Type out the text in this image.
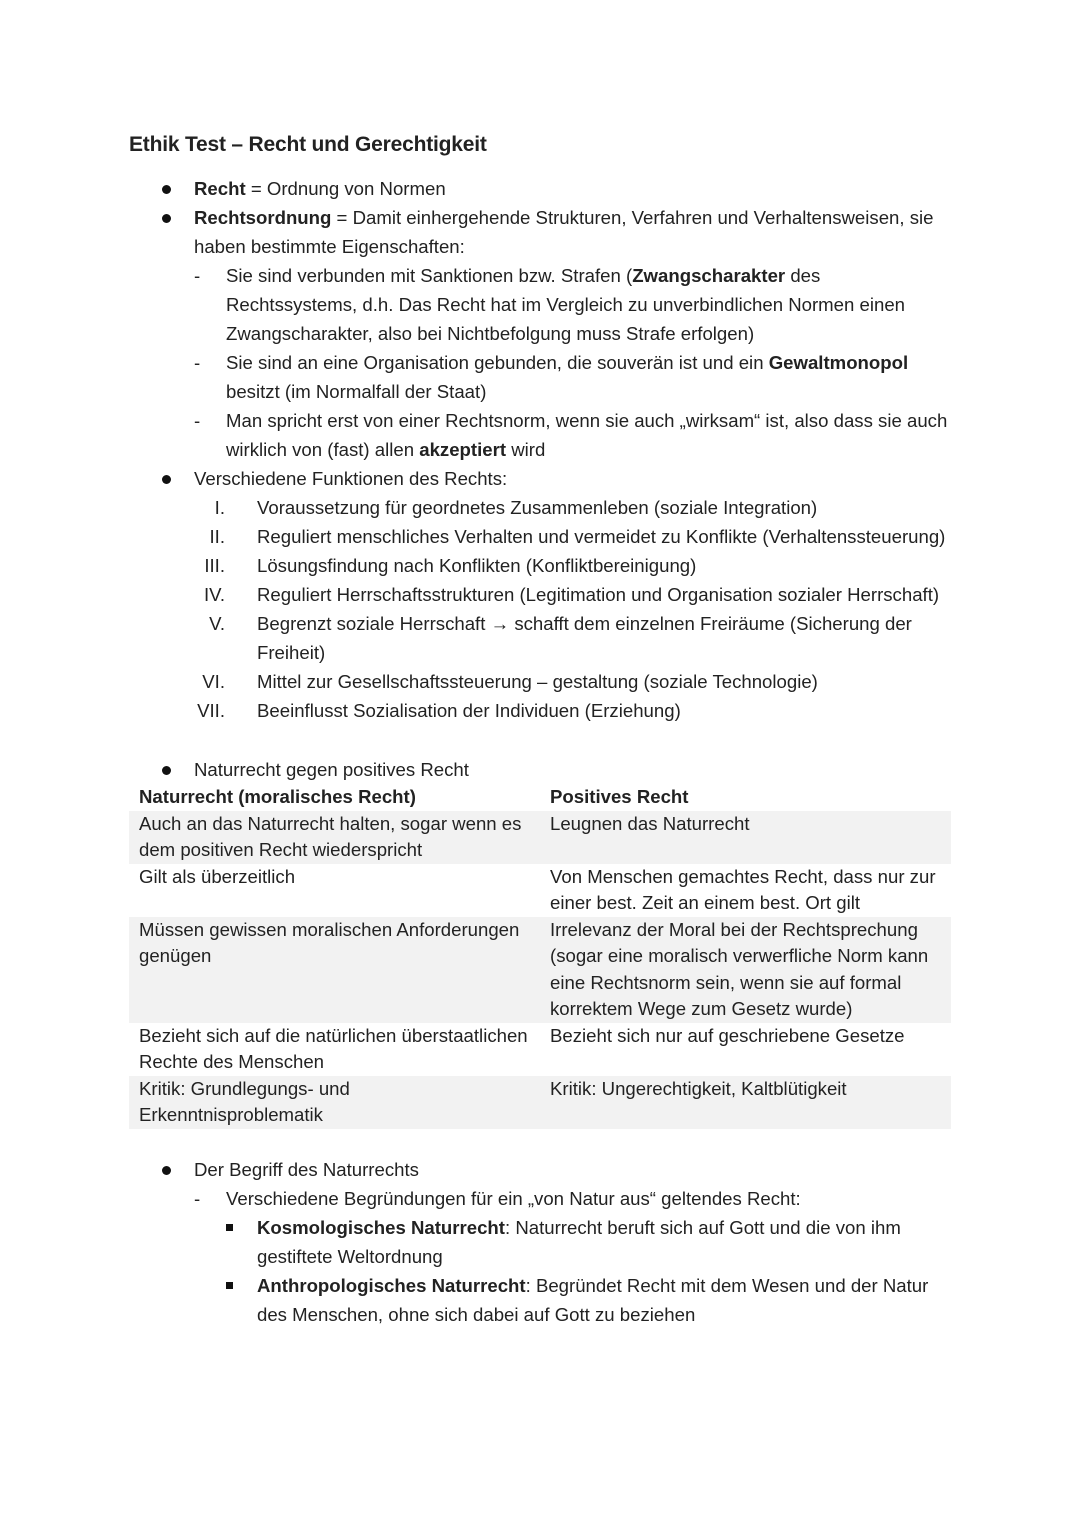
Ethik Test – Recht und Gerechtigkeit
Recht = Ordnung von Normen
Rechtsordnung = Damit einhergehende Strukturen, Verfahren und Verhaltensweisen, sie haben bestimmte Eigenschaften:
- Sie sind verbunden mit Sanktionen bzw. Strafen (Zwangscharakter des Rechtssystems, d.h. Das Recht hat im Vergleich zu unverbindlichen Normen einen Zwangscharakter, also bei Nichtbefolgung muss Strafe erfolgen)
- Sie sind an eine Organisation gebunden, die souverän ist und ein Gewaltmonopol besitzt (im Normalfall der Staat)
- Man spricht erst von einer Rechtsnorm, wenn sie auch „wirksam“ ist, also dass sie auch wirklich von (fast) allen akzeptiert wird
Verschiedene Funktionen des Rechts:
I. Voraussetzung für geordnetes Zusammenleben (soziale Integration)
II. Reguliert menschliches Verhalten und vermeidet zu Konflikte (Verhaltenssteuerung)
III. Lösungsfindung nach Konflikten (Konfliktbereinigung)
IV. Reguliert Herrschaftsstrukturen (Legitimation und Organisation sozialer Herrschaft)
V. Begrenzt soziale Herrschaft → schafft dem einzelnen Freiräume (Sicherung der Freiheit)
VI. Mittel zur Gesellschaftssteuerung – gestaltung (soziale Technologie)
VII. Beeinflusst Sozialisation der Individuen (Erziehung)
Naturrecht gegen positives Recht
Naturrecht (moralisches Recht)	Positives Recht
Auch an das Naturrecht halten, sogar wenn es dem positiven Recht wiederspricht	Leugnen das Naturrecht
Gilt als überzeitlich	Von Menschen gemachtes Recht, dass nur zur einer best. Zeit an einem best. Ort gilt
Müssen gewissen moralischen Anforderungen genügen	Irrelevanz der Moral bei der Rechtsprechung (sogar eine moralisch verwerfliche Norm kann eine Rechtsnorm sein, wenn sie auf formal korrektem Wege zum Gesetz wurde)
Bezieht sich auf die natürlichen überstaatlichen Rechte des Menschen	Bezieht sich nur auf geschriebene Gesetze
Kritik: Grundlegungs- und Erkenntnisproblematik	Kritik: Ungerechtigkeit, Kaltblütigkeit
Der Begriff des Naturrechts
- Verschiedene Begründungen für ein „von Natur aus“ geltendes Recht:
Kosmologisches Naturrecht: Naturrecht beruft sich auf Gott und die von ihm gestiftete Weltordnung
Anthropologisches Naturrecht: Begründet Recht mit dem Wesen und der Natur des Menschen, ohne sich dabei auf Gott zu beziehen
